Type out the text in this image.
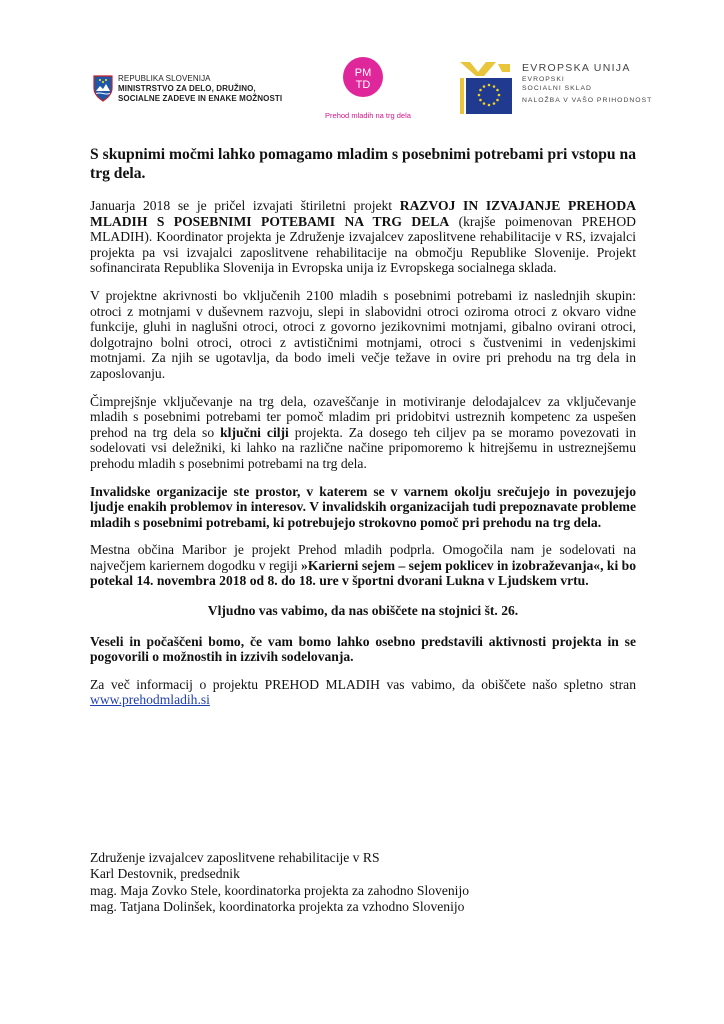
REPUBLIKA SLOVENIJA
MINISTRSTVO ZA DELO, DRUŽINO,
SOCIALNE ZADEVE IN ENAKE MOŽNOSTI
PM
TD
Prehod mladih na trg dela
EVROPSKA UNIJA
EVROPSKI
SOCIALNI SKLAD
NALOŽBA V VAŠO PRIHODNOST
S skupnimi močmi lahko pomagamo mladim s posebnimi potrebami pri vstopu na trg dela.

Januarja 2018 se je pričel izvajati štiriletni projekt RAZVOJ IN IZVAJANJE PREHODA MLADIH S POSEBNIMI POTEBAMI NA TRG DELA (krajše poimenovan PREHOD MLADIH). Koordinator projekta je Združenje izvajalcev zaposlitvene rehabilitacije v RS, izvajalci projekta pa vsi izvajalci zaposlitvene rehabilitacije na območju Republike Slovenije. Projekt sofinancirata Republika Slovenija in Evropska unija iz Evropskega socialnega sklada.

V projektne akrivnosti bo vključenih 2100 mladih s posebnimi potrebami iz naslednjih skupin: otroci z motnjami v duševnem razvoju, slepi in slabovidni otroci oziroma otroci z okvaro vidne funkcije, gluhi in naglušni otroci, otroci z govorno jezikovnimi motnjami, gibalno ovirani otroci, dolgotrajno bolni otroci, otroci z avtističnimi motnjami, otroci s čustvenimi in vedenjskimi motnjami. Za njih se ugotavlja, da bodo imeli večje težave in ovire pri prehodu na trg dela in zaposlovanju.

Čimprejšnje vključevanje na trg dela, ozaveščanje in motiviranje delodajalcev za vključevanje mladih s posebnimi potrebami ter pomoč mladim pri pridobitvi ustreznih kompetenc za uspešen prehod na trg dela so ključni cilji projekta. Za dosego teh ciljev pa se moramo povezovati in sodelovati vsi deležniki, ki lahko na različne načine pripomoremo k hitrejšemu in ustreznejšemu prehodu mladih s posebnimi potrebami na trg dela.

Invalidske organizacije ste prostor, v katerem se v varnem okolju srečujejo in povezujejo ljudje enakih problemov in interesov. V invalidskih organizacijah tudi prepoznavate probleme mladih s posebnimi potrebami, ki potrebujejo strokovno pomoč pri prehodu na trg dela.

Mestna občina Maribor je projekt Prehod mladih podprla. Omogočila nam je sodelovati na največjem kariernem dogodku v regiji »Karierni sejem – sejem poklicev in izobraževanja«, ki bo potekal 14. novembra 2018 od 8. do 18. ure v športni dvorani Lukna v Ljudskem vrtu.

Vljudno vas vabimo, da nas obiščete na stojnici št. 26.

Veseli in počaščeni bomo, če vam bomo lahko osebno predstavili aktivnosti projekta in se pogovorili o možnostih in izzivih sodelovanja.

Za več informacij o projektu PREHOD MLADIH vas vabimo, da obiščete našo spletno stran www.prehodmladih.si

Združenje izvajalcev zaposlitvene rehabilitacije v RS
Karl Destovnik, predsednik
mag. Maja Zovko Stele, koordinatorka projekta za zahodno Slovenijo
mag. Tatjana Dolinšek, koordinatorka projekta za vzhodno Slovenijo
